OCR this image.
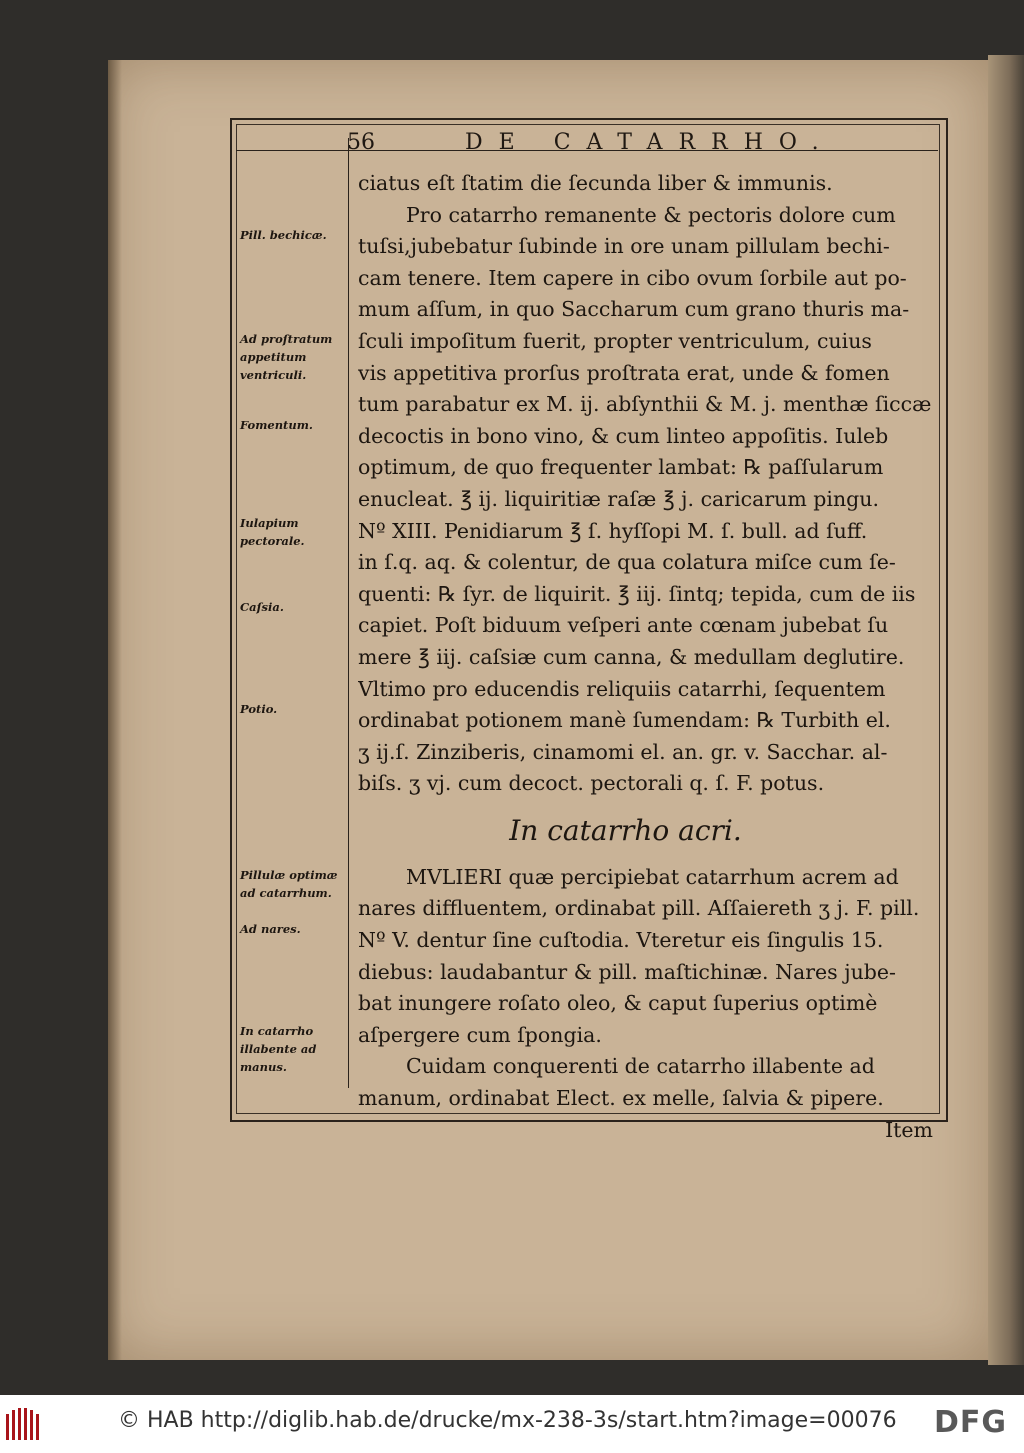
56	DE CATARRHO.
ciatus eſt ſtatim die ſecunda liber & immunis.
Pro catarrho remanente & pectoris dolore cum
tuſsi,jubebatur ſubinde in ore unam pillulam bechi-
cam tenere. Item capere in cibo ovum ſorbile aut po-
mum aſſum, in quo Saccharum cum grano thuris ma-
ſculi impoſitum fuerit, propter ventriculum, cuius
vis appetitiva prorſus proſtrata erat, unde & fomen
tum parabatur ex M. ij. abſynthii & M. j. menthæ ſiccæ
decoctis in bono vino, & cum linteo appoſitis. Iuleb
optimum, de quo frequenter lambat: ℞ paſſularum
enucleat. ℥ ij. liquiritiæ raſæ ℥ j. caricarum pingu.
Nº XIII. Penidiarum ℥ ſ. hyſſopi M. ſ. bull. ad ſuff.
in ſ.q. aq. & colentur, de qua colatura miſce cum ſe-
quenti: ℞ ſyr. de liquirit. ℥ iij. ſintq; tepida, cum de iis
capiet. Poſt biduum veſperi ante cœnam jubebat ſu
mere ℥ iij. caſsiæ cum canna, & medullam deglutire.
Vltimo pro educendis reliquiis catarrhi, ſequentem
ordinabat potionem manè ſumendam: ℞ Turbith el.
ʒ ij.ſ. Zinziberis, cinamomi el. an. gr. v. Sacchar. al-
biſs. ʒ vj. cum decoct. pectorali q. ſ. F. potus.
In catarrho acri.
MVLIERI quæ percipiebat catarrhum acrem ad
nares diffluentem, ordinabat pill. Aſſaiereth ʒ j. F. pill.
Nº V. dentur ſine cuſtodia. Vteretur eis ſingulis 15.
diebus: laudabantur & pill. maſtichinæ. Nares jube-
bat inungere roſato oleo, & caput ſuperius optimè
aſpergere cum ſpongia.
Cuidam conquerenti de catarrho illabente ad
manum, ordinabat Elect. ex melle, ſalvia & pipere.
Item
Pill. bechicæ.
Ad proſtratum appetitum ventriculi.
Fomentum.
Iulapium pectorale.
Caſsia.
Potio.
Pillulæ optimæ ad catarrhum.
Ad nares.
In catarrho illabente ad manus.
© HAB http://diglib.hab.de/drucke/mx-238-3s/start.htm?image=00076 DFG
